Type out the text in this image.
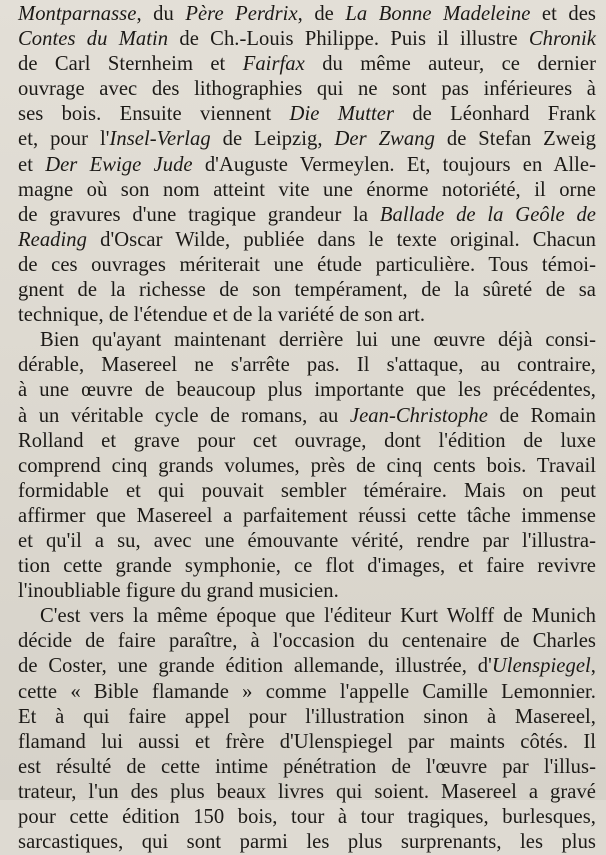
Montparnasse, du Père Perdrix, de La Bonne Madeleine et des
Contes du Matin de Ch.-Louis Philippe. Puis il illustre Chronik
de Carl Sternheim et Fairfax du même auteur, ce dernier
ouvrage avec des lithographies qui ne sont pas inférieures à
ses bois. Ensuite viennent Die Mutter de Léonhard Frank
et, pour l'Insel-Verlag de Leipzig, Der Zwang de Stefan Zweig
et Der Ewige Jude d'Auguste Vermeylen. Et, toujours en Alle-
magne où son nom atteint vite une énorme notoriété, il orne
de gravures d'une tragique grandeur la Ballade de la Geôle de
Reading d'Oscar Wilde, publiée dans le texte original. Chacun
de ces ouvrages mériterait une étude particulière. Tous témoi-
gnent de la richesse de son tempérament, de la sûreté de sa
technique, de l'étendue et de la variété de son art.

Bien qu'ayant maintenant derrière lui une œuvre déjà consi-
dérable, Masereel ne s'arrête pas. Il s'attaque, au contraire,
à une œuvre de beaucoup plus importante que les précédentes,
à un véritable cycle de romans, au Jean-Christophe de Romain
Rolland et grave pour cet ouvrage, dont l'édition de luxe
comprend cinq grands volumes, près de cinq cents bois. Travail
formidable et qui pouvait sembler téméraire. Mais on peut
affirmer que Masereel a parfaitement réussi cette tâche immense
et qu'il a su, avec une émouvante vérité, rendre par l'illustra-
tion cette grande symphonie, ce flot d'images, et faire revivre
l'inoubliable figure du grand musicien.

C'est vers la même époque que l'éditeur Kurt Wolff de Munich
décide de faire paraître, à l'occasion du centenaire de Charles
de Coster, une grande édition allemande, illustrée, d'Ulenspiegel,
cette « Bible flamande » comme l'appelle Camille Lemonnier.
Et à qui faire appel pour l'illustration sinon à Masereel,
flamand lui aussi et frère d'Ulenspiegel par maints côtés. Il
est résulté de cette intime pénétration de l'œuvre par l'illus-
trateur, l'un des plus beaux livres qui soient. Masereel a gravé
pour cette édition 150 bois, tour à tour tragiques, burlesques,
sarcastiques, qui sont parmi les plus surprenants, les plus
